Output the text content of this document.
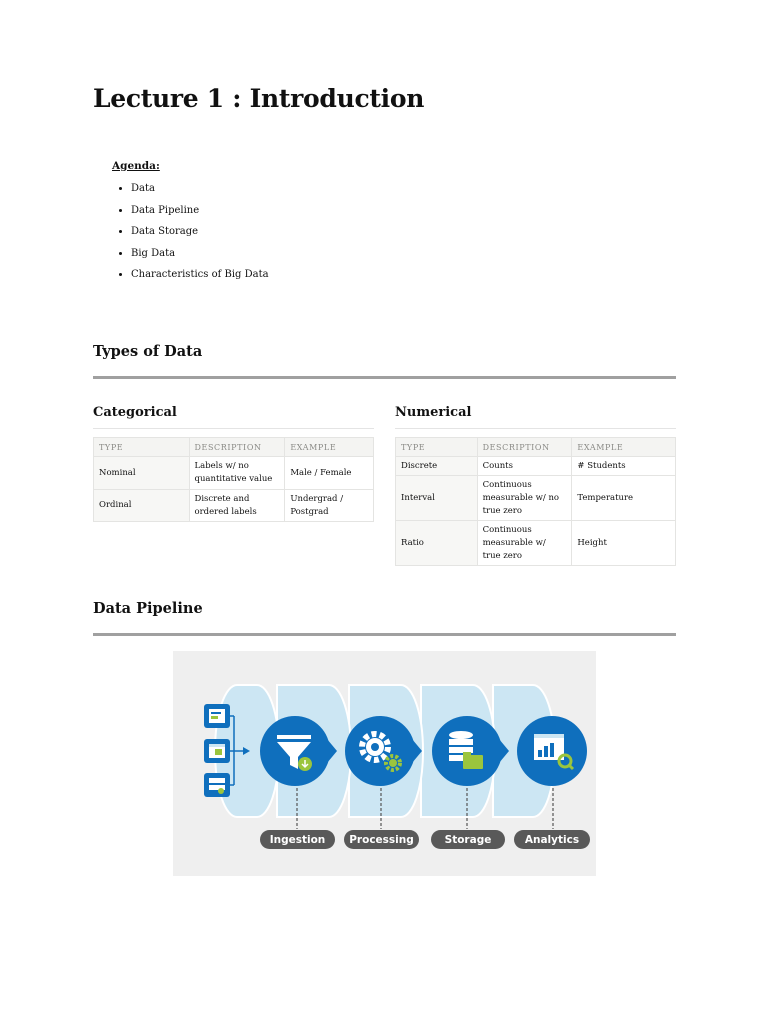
Lecture 1 : Introduction

Agenda:

• Data
• Data Pipeline
• Data Storage
• Big Data
• Characteristics of Big Data
Types of Data
Categorical
TYPE	DESCRIPTION	EXAMPLE
Nominal	Labels w/ no quantitative value	Male / Female
Ordinal	Discrete and ordered labels	Undergrad / Postgrad
Numerical
TYPE	DESCRIPTION	EXAMPLE
Discrete	Counts	# Students
Interval	Continuous measurable w/ no true zero	Temperature
Ratio	Continuous measurable w/ true zero	Height
Data Pipeline
Ingestion Processing	Storage	Analytics
